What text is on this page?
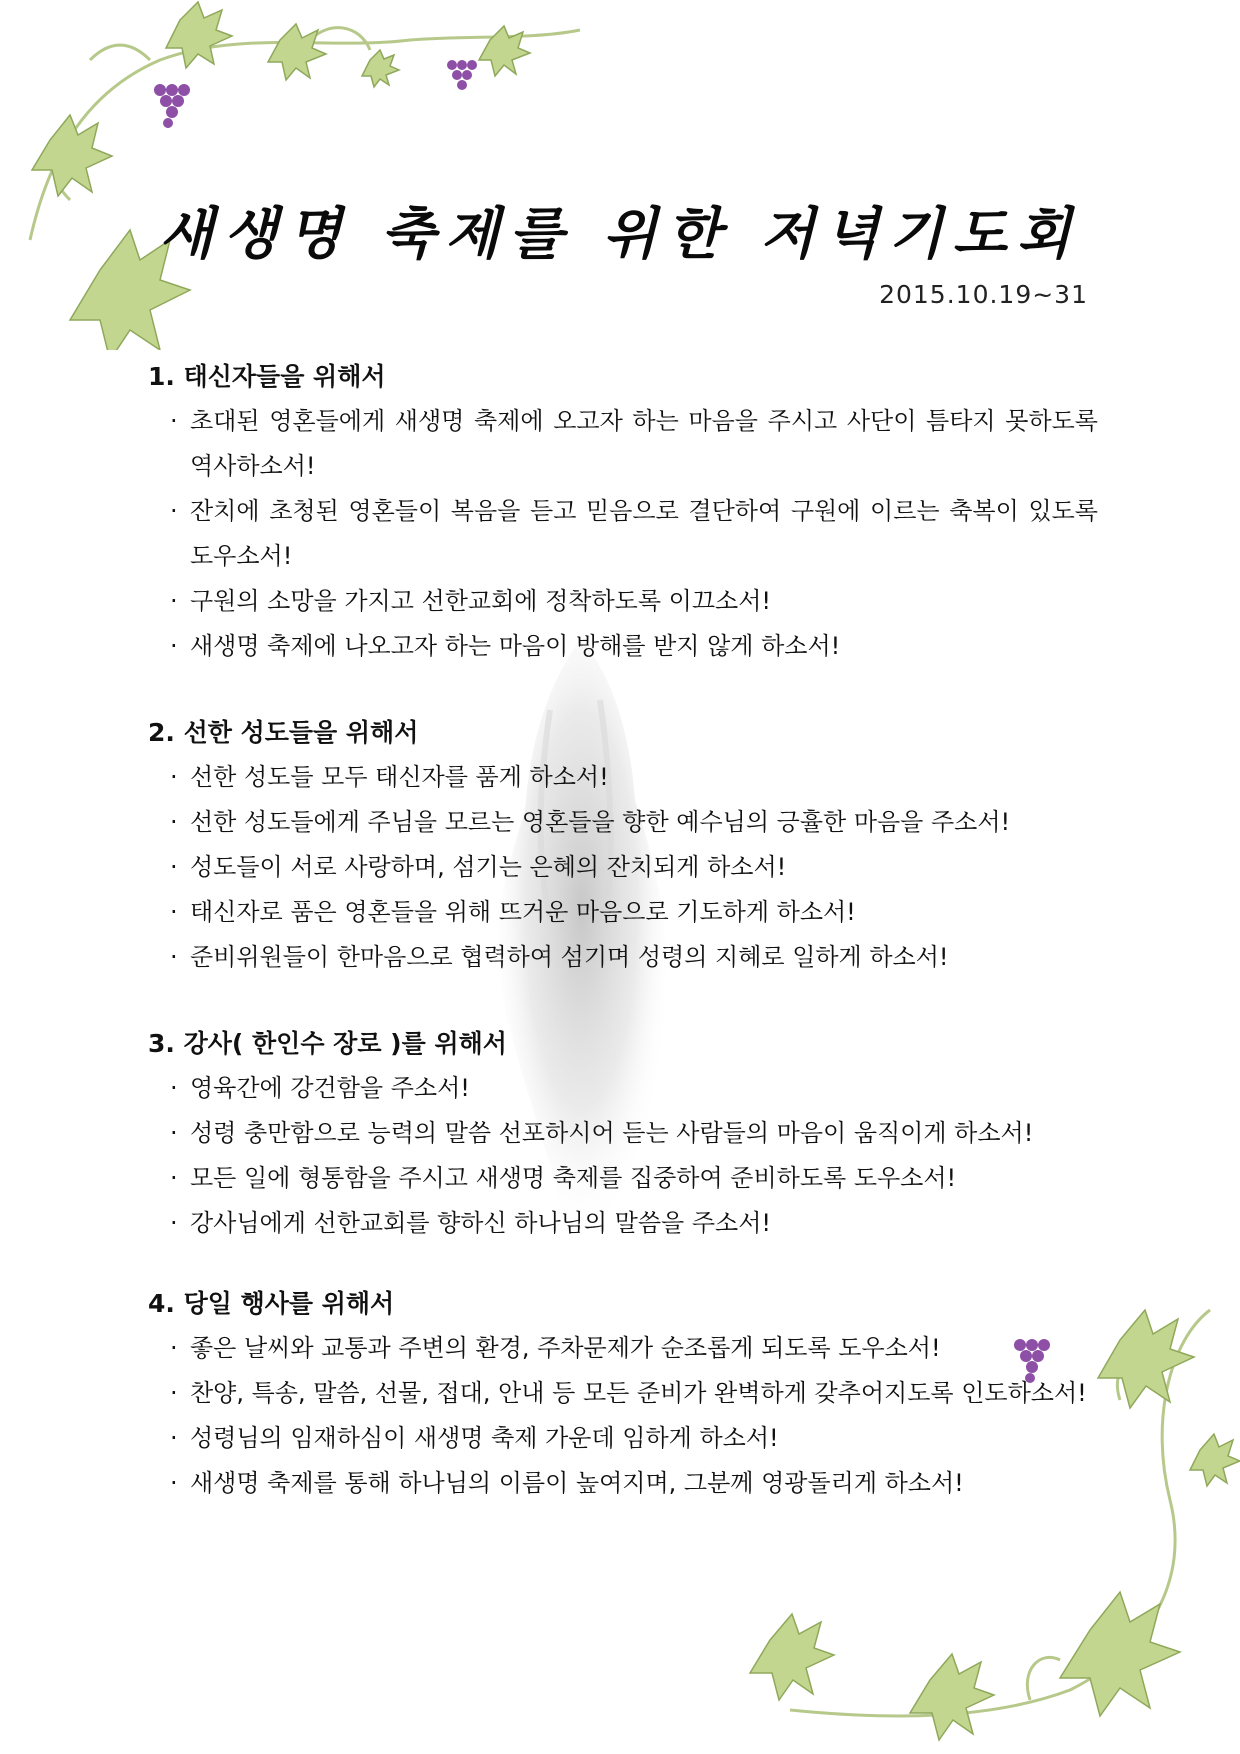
새생명 축제를 위한 저녁기도회
2015.10.19~31

1. 태신자들을 위해서

· 초대된 영혼들에게 새생명 축제에 오고자 하는 마음을 주시고 사단이 틈타지 못하도록 역사하소서!
· 잔치에 초청된 영혼들이 복음을 듣고 믿음으로 결단하여 구원에 이르는 축복이 있도록 도우소서!
· 구원의 소망을 가지고 선한교회에 정착하도록 이끄소서!
· 새생명 축제에 나오고자 하는 마음이 방해를 받지 않게 하소서!

2. 선한 성도들을 위해서

· 선한 성도들 모두 태신자를 품게 하소서!
· 선한 성도들에게 주님을 모르는 영혼들을 향한 예수님의 긍휼한 마음을 주소서!
· 성도들이 서로 사랑하며, 섬기는 은혜의 잔치되게 하소서!
· 태신자로 품은 영혼들을 위해 뜨거운 마음으로 기도하게 하소서!
· 준비위원들이 한마음으로 협력하여 섬기며 성령의 지혜로 일하게 하소서!

3. 강사( 한인수 장로 )를 위해서

· 영육간에 강건함을 주소서!
· 성령 충만함으로 능력의 말씀 선포하시어 듣는 사람들의 마음이 움직이게 하소서!
· 모든 일에 형통함을 주시고 새생명 축제를 집중하여 준비하도록 도우소서!
· 강사님에게 선한교회를 향하신 하나님의 말씀을 주소서!

4. 당일 행사를 위해서

· 좋은 날씨와 교통과 주변의 환경, 주차문제가 순조롭게 되도록 도우소서!
· 찬양, 특송, 말씀, 선물, 접대, 안내 등 모든 준비가 완벽하게 갖추어지도록 인도하소서!
· 성령님의 임재하심이 새생명 축제 가운데 임하게 하소서!
· 새생명 축제를 통해 하나님의 이름이 높여지며, 그분께 영광돌리게 하소서!
